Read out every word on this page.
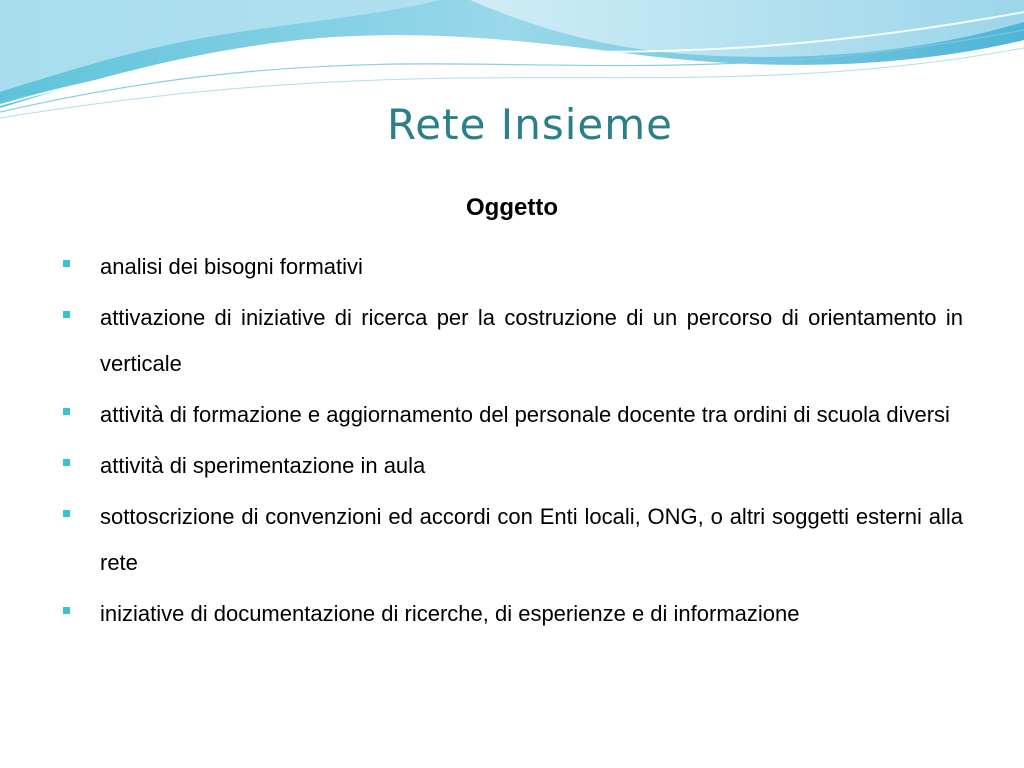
Rete Insieme
Oggetto
analisi dei bisogni formativi
attivazione di iniziative di ricerca per la costruzione di un percorso di orientamento in verticale
attività di formazione e aggiornamento del personale docente tra ordini di scuola diversi
attività di sperimentazione in aula
sottoscrizione di convenzioni ed accordi con Enti locali, ONG, o altri soggetti esterni alla rete
iniziative di documentazione di ricerche, di esperienze e di informazione
